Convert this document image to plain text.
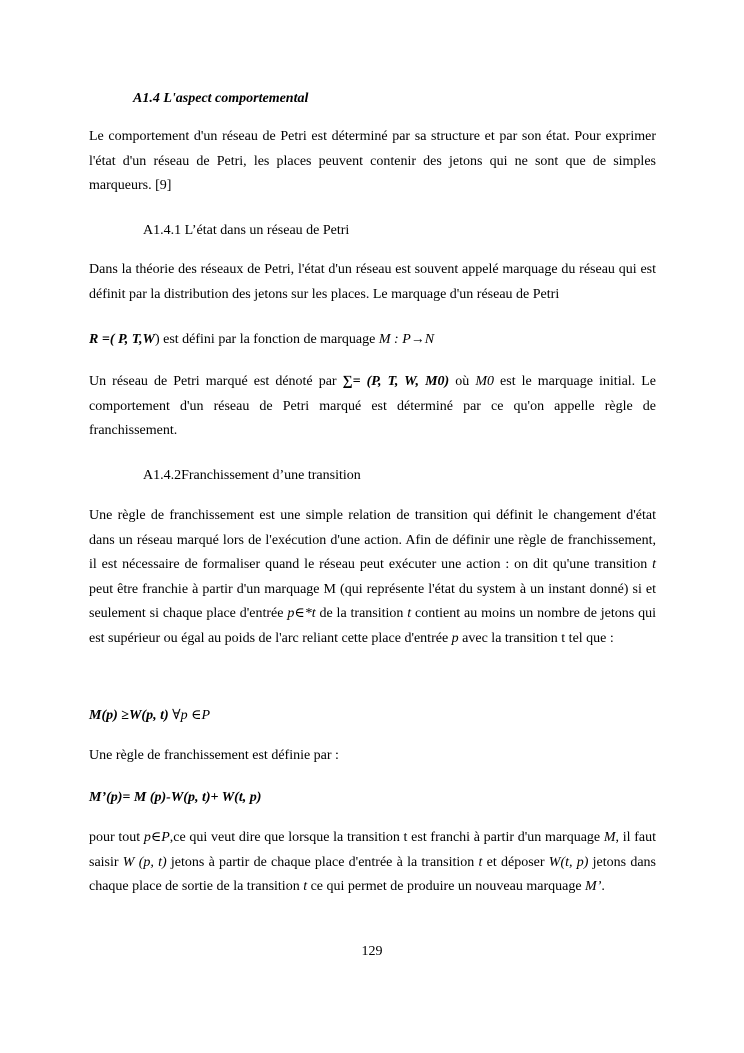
A1.4 L'aspect comportemental
Le comportement d'un réseau de Petri est déterminé par sa structure et par son état. Pour exprimer l'état d'un réseau de Petri, les places peuvent contenir des jetons qui ne sont que de simples marqueurs. [9]
A1.4.1 L’état dans un réseau de Petri
Dans la théorie des réseaux de Petri, l'état d'un réseau est souvent appelé marquage du réseau qui est définit par la distribution des jetons sur les places. Le marquage d'un réseau de Petri
R =( P, T,W) est défini par la fonction de marquage M : P→N
Un réseau de Petri marqué est dénoté par ∑= (P, T, W, M0) où M0 est le marquage initial. Le comportement d'un réseau de Petri marqué est déterminé par ce qu'on appelle règle de franchissement.
A1.4.2Franchissement d’une transition
Une règle de franchissement est une simple relation de transition qui définit le changement d'état dans un réseau marqué lors de l'exécution d'une action. Afin de définir une règle de franchissement, il est nécessaire de formaliser quand le réseau peut exécuter une action : on dit qu'une transition t peut être franchie à partir d'un marquage M (qui représente l'état du system à un instant donné) si et seulement si chaque place d'entrée p∈*t de la transition t contient au moins un nombre de jetons qui est supérieur ou égal au poids de l'arc reliant cette place d'entrée p avec la transition t tel que :
M(p) ≥W(p, t) ∀p ∈P
Une règle de franchissement est définie par :
M’(p)= M (p)-W(p, t)+ W(t, p)
pour tout p∈P,ce qui veut dire que lorsque la transition t est franchi à partir d'un marquage M, il faut saisir W (p, t) jetons à partir de chaque place d'entrée à la transition t et déposer W(t, p) jetons dans chaque place de sortie de la transition t ce qui permet de produire un nouveau marquage M’.
129
